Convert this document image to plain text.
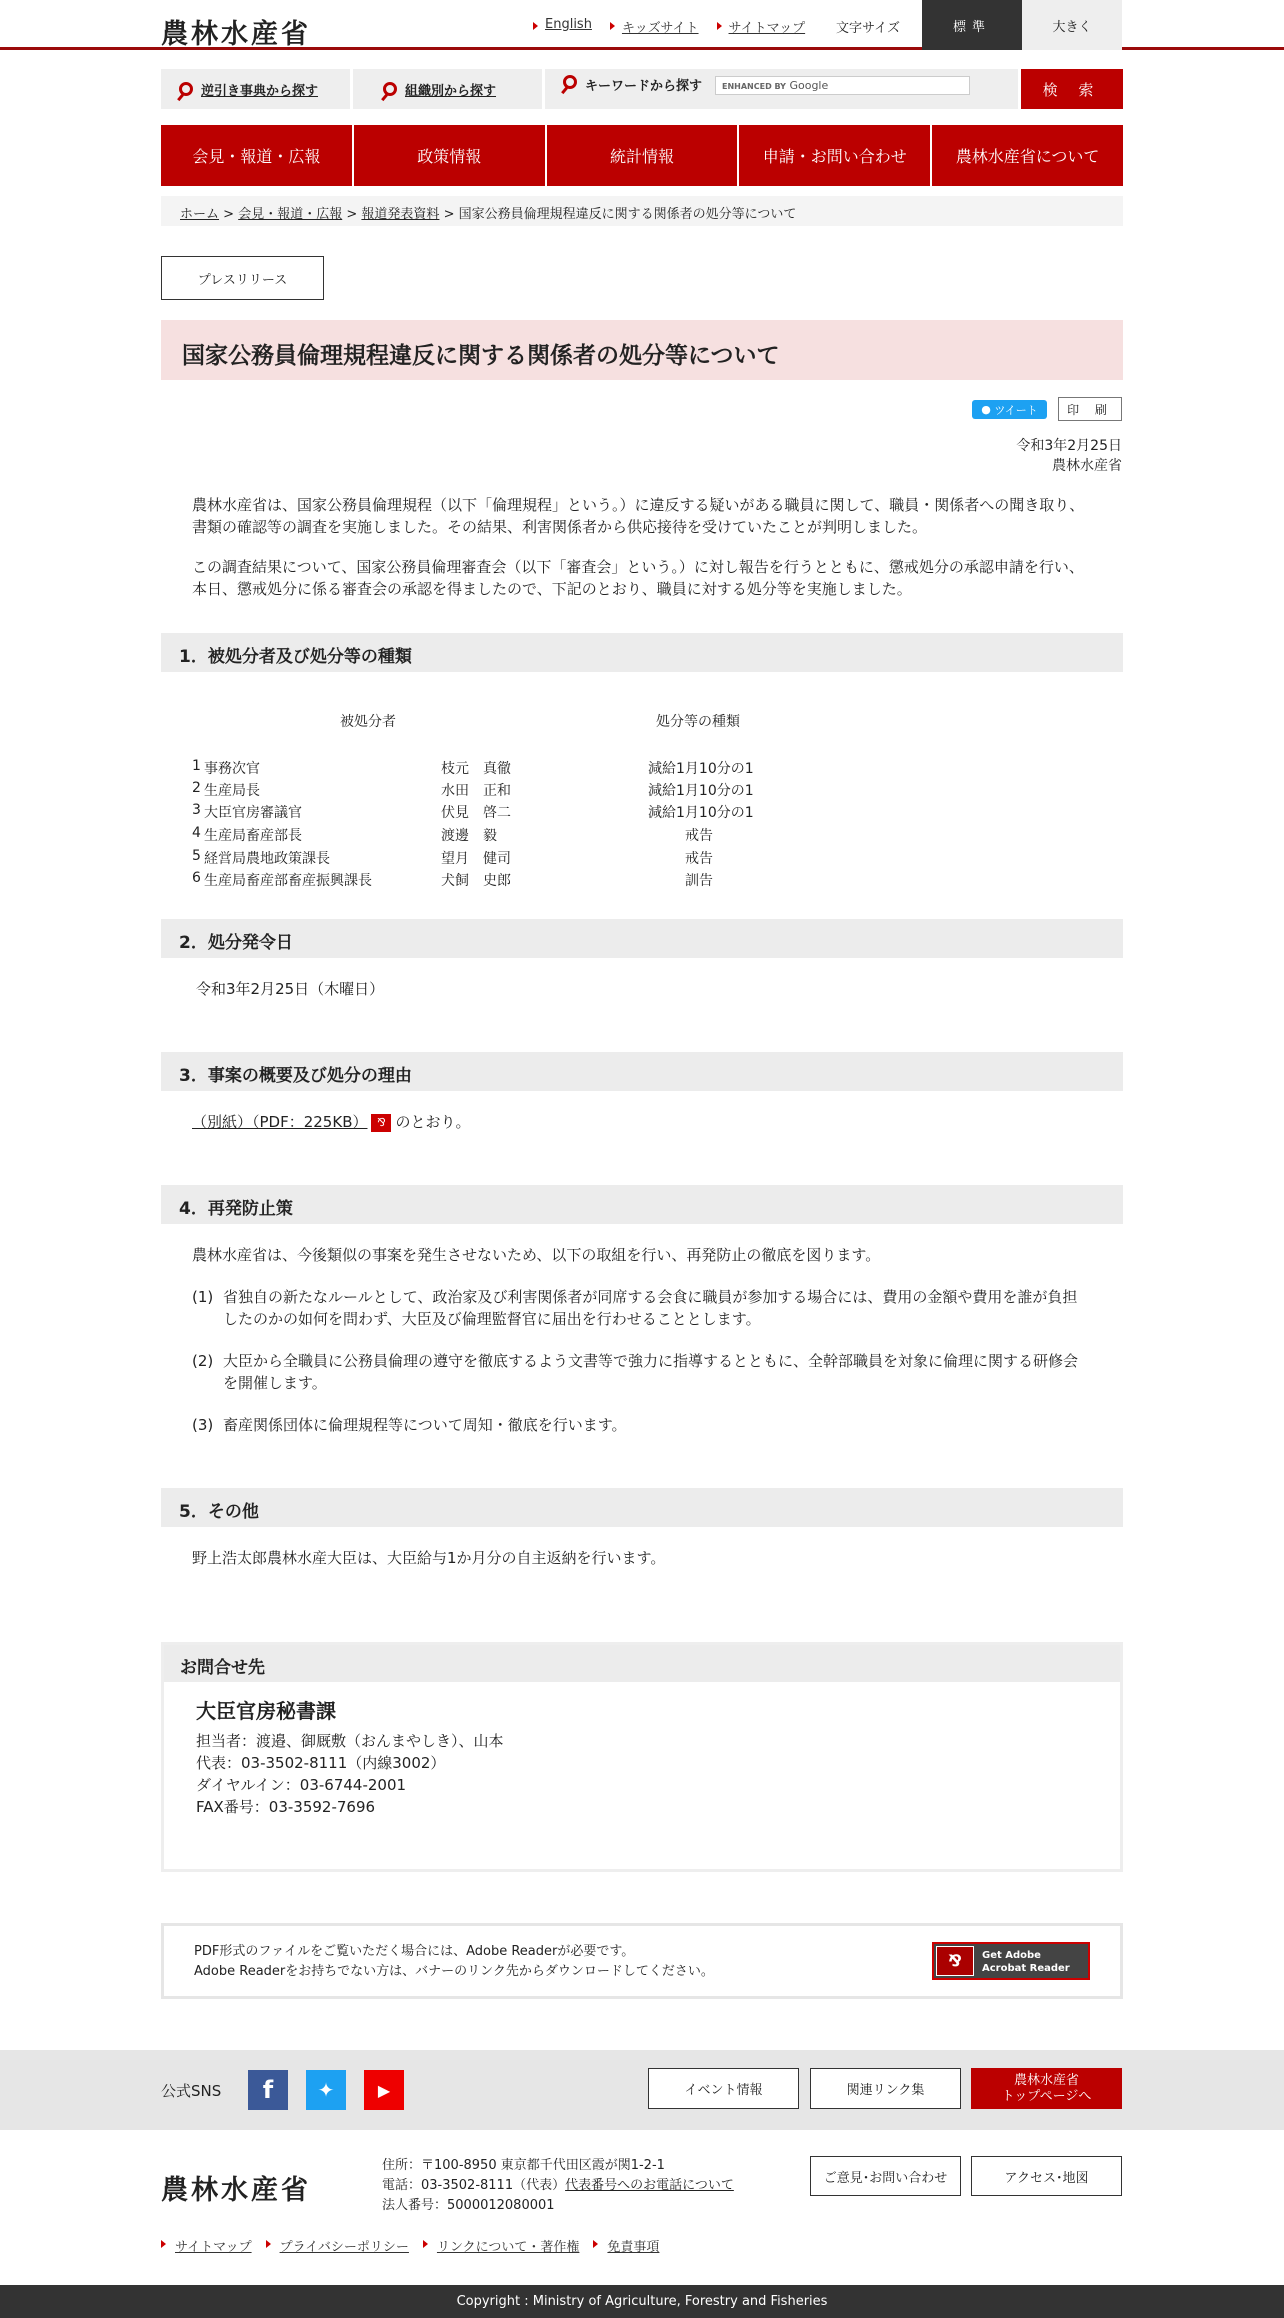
農林水産省	English	キッズサイト	サイトマップ 文字サイズ	標準	大きく
逆引き事典から探す	組織別から探す	キーワードから探す	ENHANCED BY Google	検 索
会見・報道・広報	政策情報	統計情報	申請・お問い合わせ	農林水産省について
ホーム > 会見・報道・広報 > 報道発表資料 > 国家公務員倫理規程違反に関する関係者の処分等について
プレスリリース
国家公務員倫理規程違反に関する関係者の処分等について
● ツイート	印 刷
令和3年2月25日
農林水産省

農林水産省は、国家公務員倫理規程（以下「倫理規程」という。）に違反する疑いがある職員に関して、職員・関係者への聞き取り、書類の確認等の調査を実施しました。その結果、利害関係者から供応接待を受けていたことが判明しました。

この調査結果について、国家公務員倫理審査会（以下「審査会」という。）に対し報告を行うとともに、懲戒処分の承認申請を行い、本日、懲戒処分に係る審査会の承認を得ましたので、下記のとおり、職員に対する処分等を実施しました。

1．被処分者及び処分等の種類
被処分者	処分等の種類
1 事務次官	枝元　真徹	減給1月10分の1
2 生産局長	水田　正和	減給1月10分の1
3 大臣官房審議官	伏見　啓二	減給1月10分の1
4 生産局畜産部長	渡邊　毅	戒告
5 経営局農地政策課長	望月　健司	戒告
6 生産局畜産部畜産振興課長	犬飼　史郎	訓告
2．処分発令日

令和3年2月25日（木曜日）

3．事案の概要及び処分の理由

（別紙）（PDF：225KB） ⅋ のとおり。

4．再発防止策

農林水産省は、今後類似の事案を発生させないため、以下の取組を行い、再発防止の徹底を図ります。

(1) 省独自の新たなルールとして、政治家及び利害関係者が同席する会食に職員が参加する場合には、費用の金額や費用を誰が負担したのかの如何を問わず、大臣及び倫理監督官に届出を行わせることとします。
(2) 大臣から全職員に公務員倫理の遵守を徹底するよう文書等で強力に指導するとともに、全幹部職員を対象に倫理に関する研修会を開催します。
(3) 畜産関係団体に倫理規程等について周知・徹底を行います。
5．その他

野上浩太郎農林水産大臣は、大臣給与1か月分の自主返納を行います。

お問合せ先
大臣官房秘書課
担当者：渡邉、御厩敷（おんまやしき）、山本
代表：03-3502-8111（内線3002）
ダイヤルイン：03-6744-2001
FAX番号：03-3592-7696
PDF形式のファイルをご覧いただく場合には、Adobe Readerが必要です。
Adobe Readerをお持ちでない方は、バナーのリンク先からダウンロードしてください。
⅋	Get Adobe
Acrobat Reader
公式SNS	f	✦	▶	イベント情報	関連リンク集
農林水産省
トップページへ
農林水産省
住所：〒100-8950 東京都千代田区霞が関1-2-1
電話：03-3502-8111（代表）代表番号へのお電話について
法人番号：5000012080001
ご意見･お問い合わせ	アクセス･地図
サイトマップ	プライバシーポリシー	リンクについて・著作権	免責事項
Copyright : Ministry of Agriculture, Forestry and Fisheries
